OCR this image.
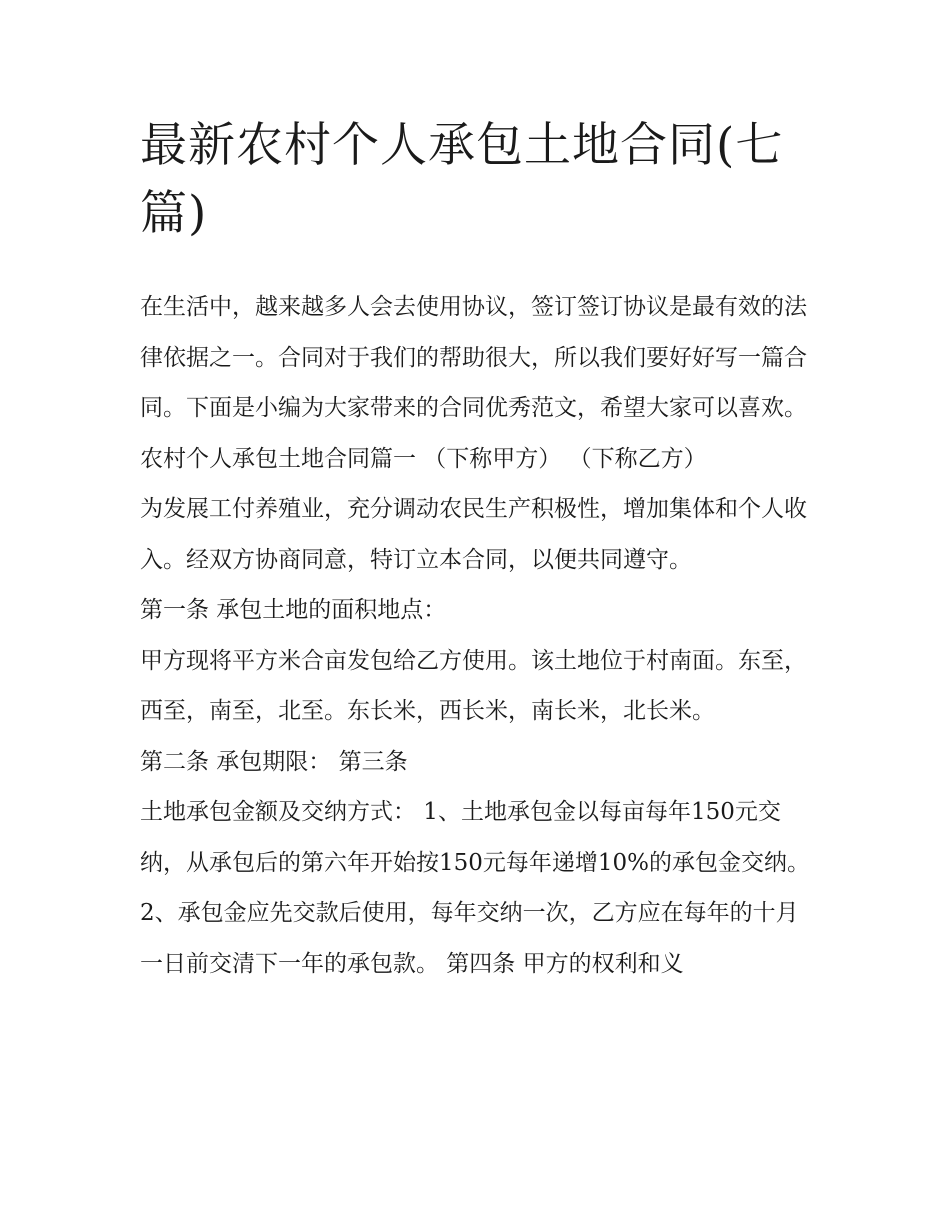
最新农村个人承包土地合同(七篇)

在生活中，越来越多人会去使用协议，签订签订协议是最有效的法律依据之一。合同对于我们的帮助很大，所以我们要好好写一篇合同。下面是小编为大家带来的合同优秀范文，希望大家可以喜欢。

农村个人承包土地合同篇一 （下称甲方） （下称乙方）

为发展工付养殖业，充分调动农民生产积极性，增加集体和个人收入。经双方协商同意，特订立本合同，以便共同遵守。

第一条 承包土地的面积地点：

甲方现将平方米合亩发包给乙方使用。该土地位于村南面。东至，西至，南至，北至。东长米，西长米，南长米，北长米。

第二条 承包期限： 第三条

土地承包金额及交纳方式： 1、土地承包金以每亩每年150元交纳，从承包后的第六年开始按150元每年递增10%的承包金交纳。

2、承包金应先交款后使用，每年交纳一次，乙方应在每年的十月一日前交清下一年的承包款。 第四条 甲方的权利和义
